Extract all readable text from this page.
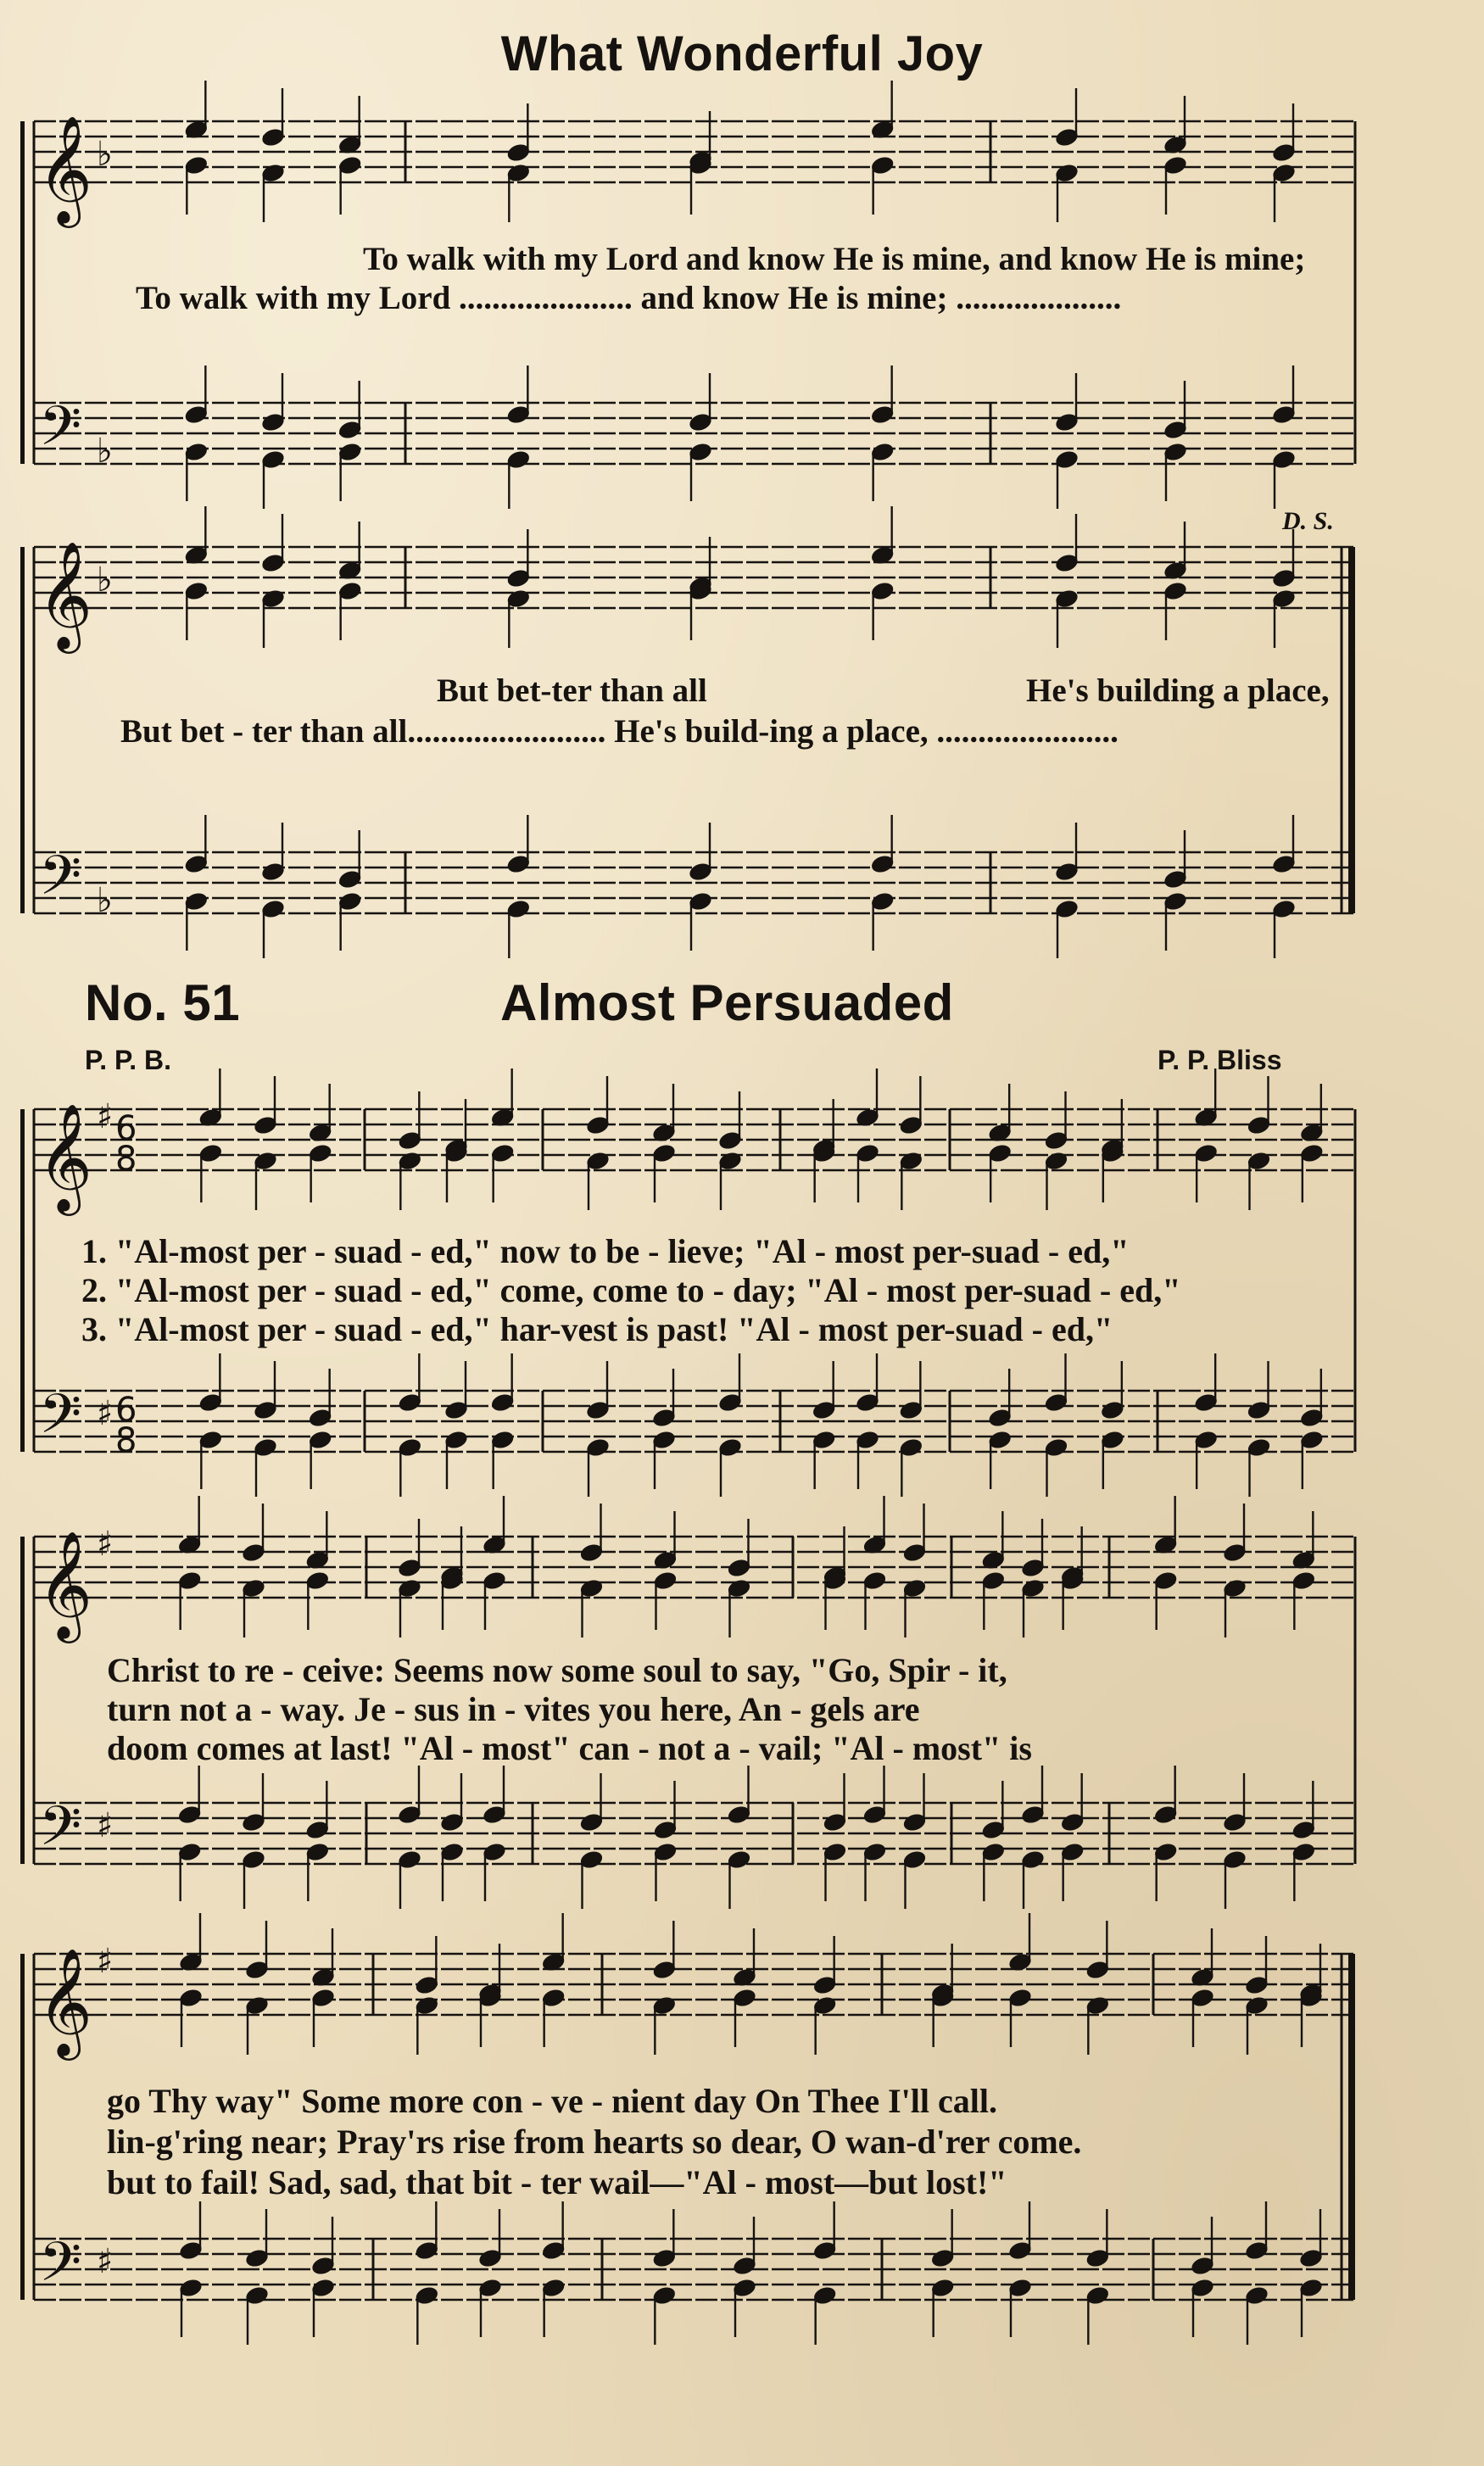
𝄞
𝄢
♭
♭
𝄞
𝄢
♭
♭
𝄞
𝄢
♯
♯
6
8
6
8
𝄞
𝄢
♯
♯
𝄞
𝄢
♯
♯
What Wonderful Joy
To walk with my Lord and know He is mine, and know He is mine;
To walk with my Lord ..................... and know He is mine; ....................
D. S.
But bet-ter than all	He's building a place,
But bet - ter than all........................ He's build-ing a place, ......................
No. 51	Almost Persuaded
P. P. B.	P. P. Bliss
1. "Al-most per - suad - ed," now to be - lieve; "Al - most per-suad - ed,"
2. "Al-most per - suad - ed," come, come to - day; "Al - most per-suad - ed,"
3. "Al-most per - suad - ed," har-vest is past! "Al - most per-suad - ed,"
Christ to re - ceive: Seems now some soul to say, "Go, Spir - it,
turn not a - way. Je - sus in - vites you here, An - gels are
doom comes at last! "Al - most" can - not a - vail; "Al - most" is
go Thy way" Some more con - ve - nient day On Thee I'll call.
lin-g'ring near; Pray'rs rise from hearts so dear, O wan-d'rer come.
but to fail! Sad, sad, that bit - ter wail—"Al - most—but lost!"
